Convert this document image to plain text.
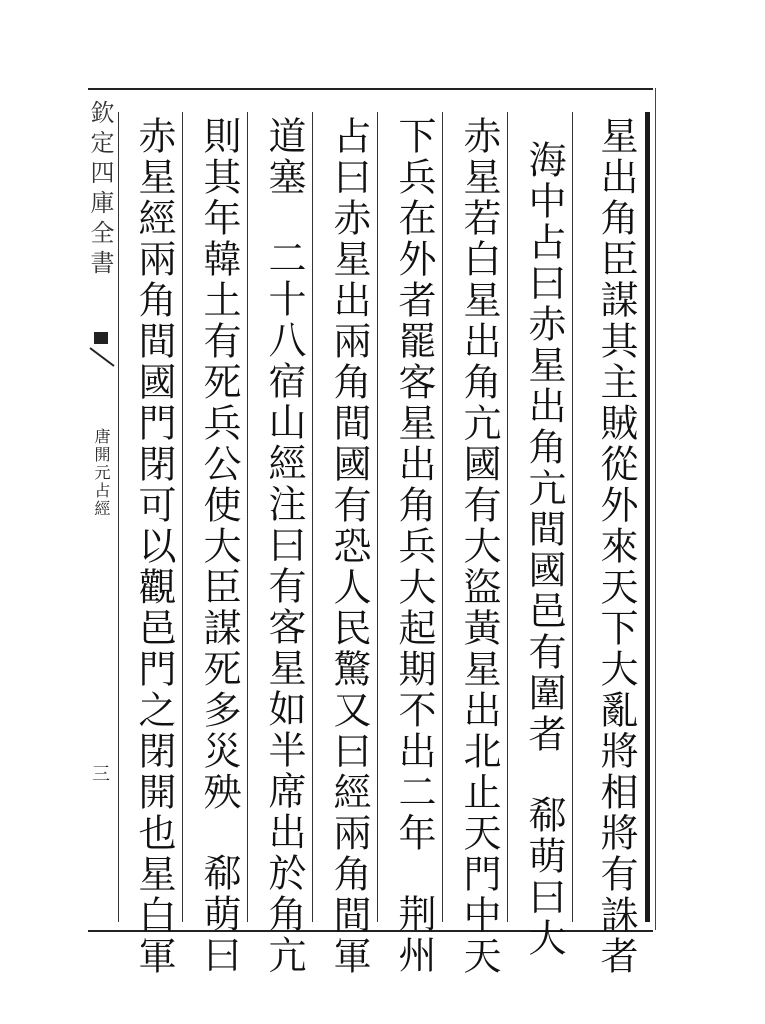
欽定四庫全書
唐開元占經
三	星出角臣謀其主賊從外來天下大亂將相將有誅者
海中占曰赤星出角亢間國邑有圍者郗萌曰大
赤星若白星出角亢國有大盜黃星出北止天門中天
下兵在外者罷客星出角兵大起期不出二年荆州
占曰赤星出兩角間國有恐人民驚又曰經兩角間軍
道塞二十八宿山經注曰有客星如半席出於角亢
則其年韓土有死兵公使大臣謀死多災殃郗萌曰
赤星經兩角間國門閉可以觀邑門之閉開也星白軍
